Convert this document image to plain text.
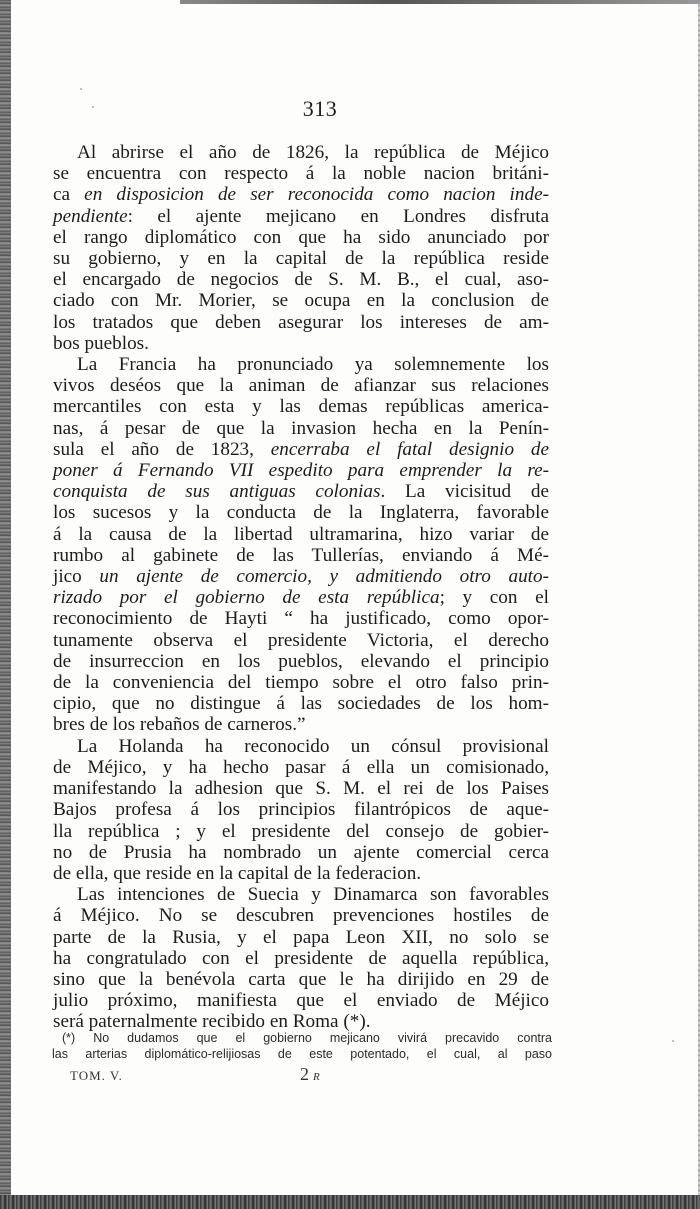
313
Al abrirse el año de 1826, la república de Méjico
se encuentra con respecto á la noble nacion británi-
ca en disposicion de ser reconocida como nacion inde-
pendiente: el ajente mejicano en Londres disfruta
el rango diplomático con que ha sido anunciado por
su gobierno, y en la capital de la república reside
el encargado de negocios de S. M. B., el cual, aso-
ciado con Mr. Morier, se ocupa en la conclusion de
los tratados que deben asegurar los intereses de am-
bos pueblos.
La Francia ha pronunciado ya solemnemente los
vivos deséos que la animan de afianzar sus relaciones
mercantiles con esta y las demas repúblicas america-
nas, á pesar de que la invasion hecha en la Penín-
sula el año de 1823, encerraba el fatal designio de
poner á Fernando VII espedito para emprender la re-
conquista de sus antiguas colonias. La vicisitud de
los sucesos y la conducta de la Inglaterra, favorable
á la causa de la libertad ultramarina, hizo variar de
rumbo al gabinete de las Tullerías, enviando á Mé-
jico un ajente de comercio, y admitiendo otro auto-
rizado por el gobierno de esta república; y con el
reconocimiento de Hayti “ ha justificado, como opor-
tunamente observa el presidente Victoria, el derecho
de insurreccion en los pueblos, elevando el principio
de la conveniencia del tiempo sobre el otro falso prin-
cipio, que no distingue á las sociedades de los hom-
bres de los rebaños de carneros.”
La Holanda ha reconocido un cónsul provisional
de Méjico, y ha hecho pasar á ella un comisionado,
manifestando la adhesion que S. M. el rei de los Paises
Bajos profesa á los principios filantrópicos de aque-
lla república ; y el presidente del consejo de gobier-
no de Prusia ha nombrado un ajente comercial cerca
de ella, que reside en la capital de la federacion.
Las intenciones de Suecia y Dinamarca son favorables
á Méjico. No se descubren prevenciones hostiles de
parte de la Rusia, y el papa Leon XII, no solo se
ha congratulado con el presidente de aquella república,
sino que la benévola carta que le ha dirijido en 29 de
julio próximo, manifiesta que el enviado de Méjico
será paternalmente recibido en Roma (*).
(*) No dudamos que el gobierno mejicano vivirá precavido contra
las arterias diplomático-relijiosas de este potentado, el cual, al paso
TOM. V.	2 R
